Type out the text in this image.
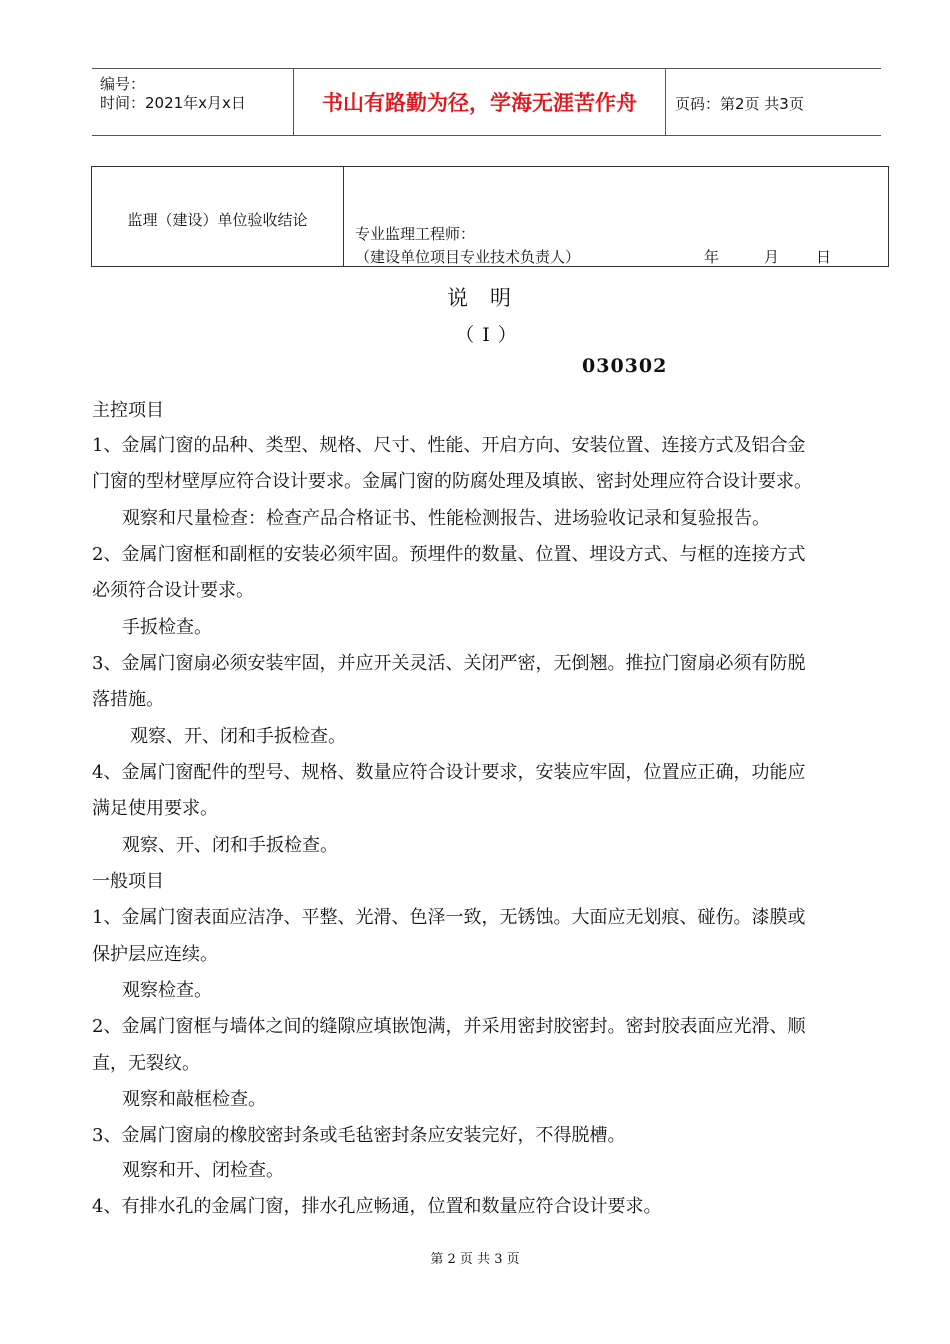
编号：
时间：2021年x月x日	书山有路勤为径，学海无涯苦作舟	页码：第2页 共3页
监理（建设）单位验收结论
专业监理工程师：
（建设单位项目专业技术负责人）	年	月 日
说明
（Ⅰ）
030302
主控项目
1、金属门窗的品种、类型、规格、尺寸、性能、开启方向、安装位置、连接方式及铝合金
门窗的型材壁厚应符合设计要求。金属门窗的防腐处理及填嵌、密封处理应符合设计要求。
观察和尺量检查：检查产品合格证书、性能检测报告、进场验收记录和复验报告。
2、金属门窗框和副框的安装必须牢固。预埋件的数量、位置、埋设方式、与框的连接方式
必须符合设计要求。
手扳检查。
3、金属门窗扇必须安装牢固，并应开关灵活、关闭严密，无倒翘。推拉门窗扇必须有防脱
落措施。
观察、开、闭和手扳检查。
4、金属门窗配件的型号、规格、数量应符合设计要求，安装应牢固，位置应正确，功能应
满足使用要求。
观察、开、闭和手扳检查。
一般项目
1、金属门窗表面应洁净、平整、光滑、色泽一致，无锈蚀。大面应无划痕、碰伤。漆膜或
保护层应连续。
观察检查。
2、金属门窗框与墙体之间的缝隙应填嵌饱满，并采用密封胶密封。密封胶表面应光滑、顺
直，无裂纹。
观察和敲框检查。
3、金属门窗扇的橡胶密封条或毛毡密封条应安装完好，不得脱槽。
观察和开、闭检查。
4、有排水孔的金属门窗，排水孔应畅通，位置和数量应符合设计要求。
第 2 页 共 3 页
